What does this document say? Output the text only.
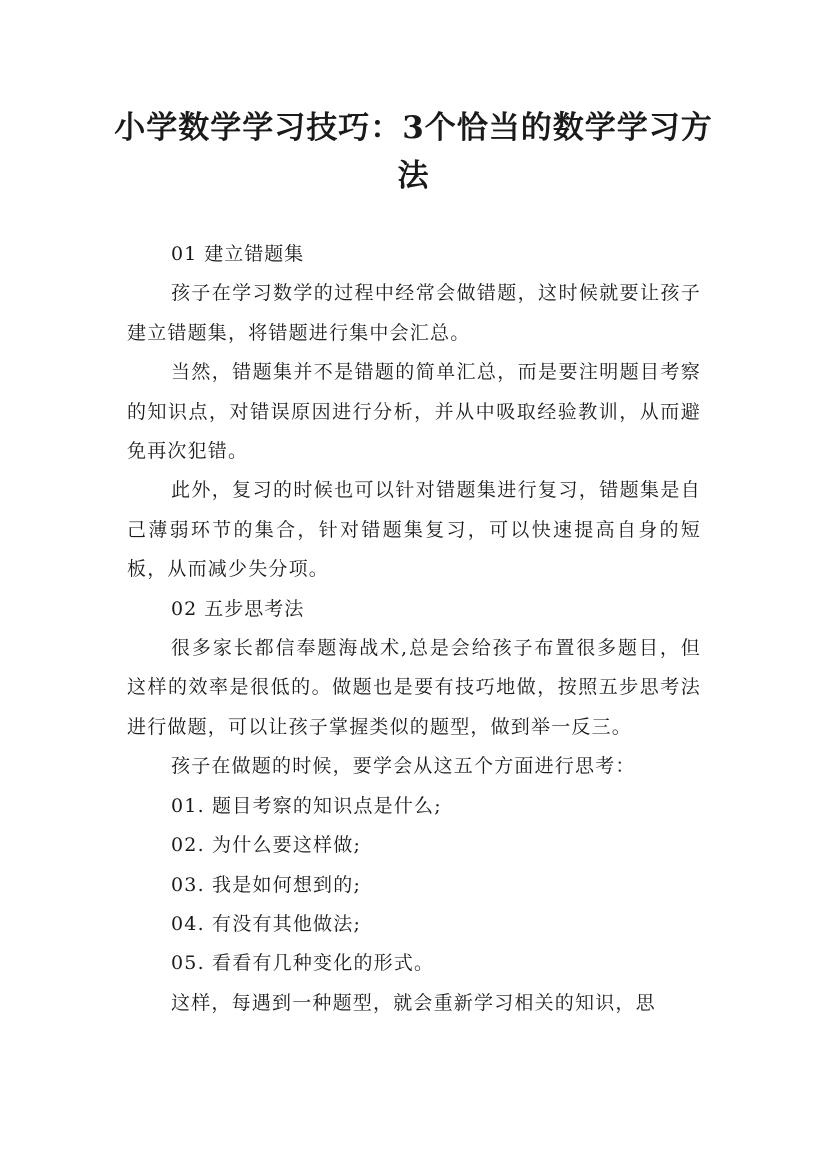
小学数学学习技巧：3个恰当的数学学习方法

01 建立错题集

孩子在学习数学的过程中经常会做错题，这时候就要让孩子建立错题集，将错题进行集中会汇总。

当然，错题集并不是错题的简单汇总，而是要注明题目考察的知识点，对错误原因进行分析，并从中吸取经验教训，从而避免再次犯错。

此外，复习的时候也可以针对错题集进行复习，错题集是自己薄弱环节的集合，针对错题集复习，可以快速提高自身的短板，从而减少失分项。

02 五步思考法

很多家长都信奉题海战术,总是会给孩子布置很多题目，但这样的效率是很低的。做题也是要有技巧地做，按照五步思考法进行做题，可以让孩子掌握类似的题型，做到举一反三。

孩子在做题的时候，要学会从这五个方面进行思考：

01. 题目考察的知识点是什么;

02. 为什么要这样做;

03. 我是如何想到的;

04. 有没有其他做法;

05. 看看有几种变化的形式。

这样，每遇到一种题型，就会重新学习相关的知识，思
